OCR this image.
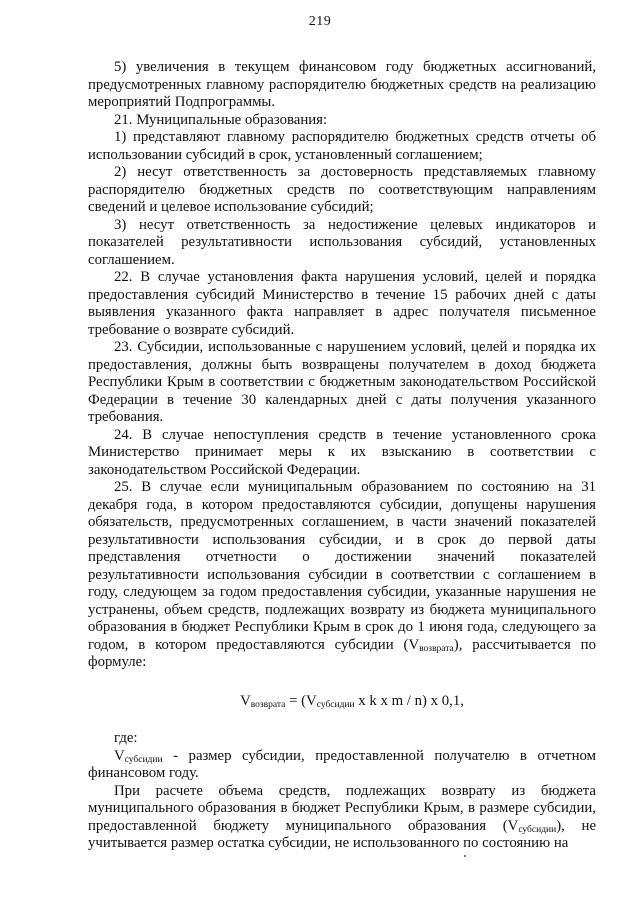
219

5) увеличения в текущем финансовом году бюджетных ассигнований, предусмотренных главному распорядителю бюджетных средств на реализацию мероприятий Подпрограммы.

21. Муниципальные образования:

1) представляют главному распорядителю бюджетных средств отчеты об использовании субсидий в срок, установленный соглашением;

2) несут ответственность за достоверность представляемых главному распорядителю бюджетных средств по соответствующим направлениям сведений и целевое использование субсидий;

3) несут ответственность за недостижение целевых индикаторов и показателей результативности использования субсидий, установленных соглашением.

22. В случае установления факта нарушения условий, целей и порядка предоставления субсидий Министерство в течение 15 рабочих дней с даты выявления указанного факта направляет в адрес получателя письменное требование о возврате субсидий.

23. Субсидии, использованные с нарушением условий, целей и порядка их предоставления, должны быть возвращены получателем в доход бюджета Республики Крым в соответствии с бюджетным законодательством Российской Федерации в течение 30 календарных дней с даты получения указанного требования.

24. В случае непоступления средств в течение установленного срока Министерство принимает меры к их взысканию в соответствии с законодательством Российской Федерации.

25. В случае если муниципальным образованием по состоянию на 31 декабря года, в котором предоставляются субсидии, допущены нарушения обязательств, предусмотренных соглашением, в части значений показателей результативности использования субсидии, и в срок до первой даты представления отчетности о достижении значений показателей результативности использования субсидии в соответствии с соглашением в году, следующем за годом предоставления субсидии, указанные нарушения не устранены, объем средств, подлежащих возврату из бюджета муниципального образования в бюджет Республики Крым в срок до 1 июня года, следующего за годом, в котором предоставляются субсидии $(V_{возврата})$, рассчитывается по формуле:

$V_{возврата} = (V_{субсидии}$ x k x m / n) x 0,1,

где:

$V_{субсидии}$ - размер субсидии, предоставленной получателю в отчетном финансовом году.

При расчете объема средств, подлежащих возврату из бюджета муниципального образования в бюджет Республики Крым, в размере субсидии, предоставленной бюджету муниципального образования $(V_{субсидии})$, не учитывается размер остатка субсидии, не использованного по состоянию на
